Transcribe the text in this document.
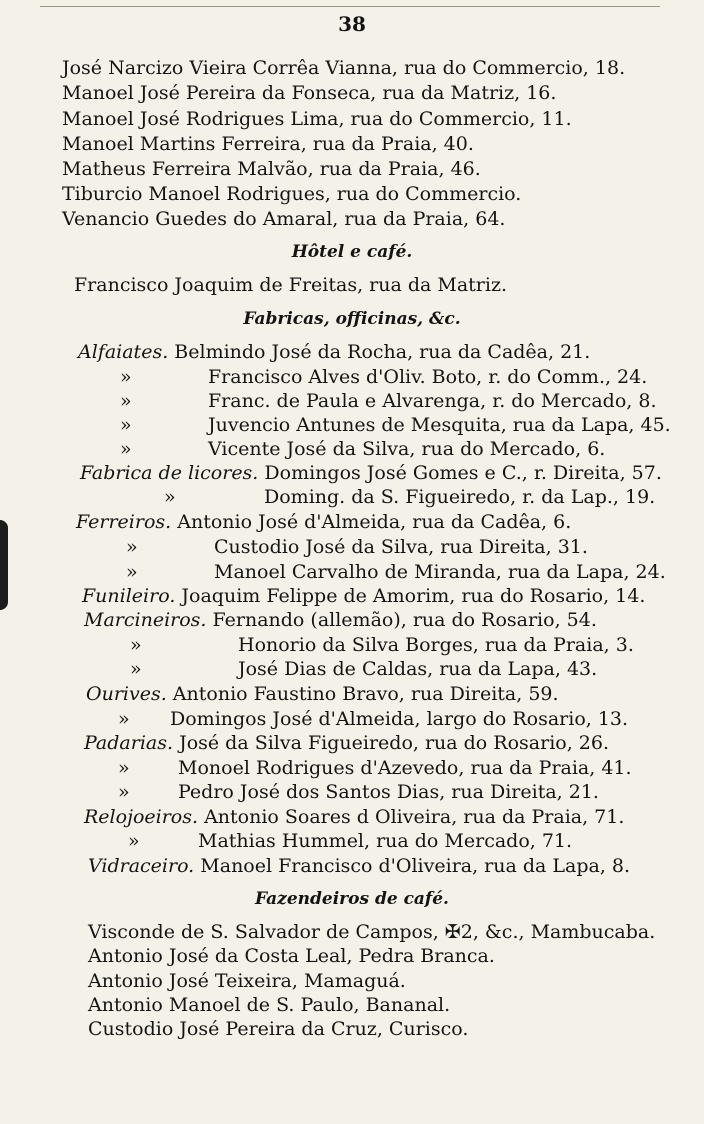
38
José Narcizo Vieira Corrêa Vianna, rua do Commercio, 18.
Manoel José Pereira da Fonseca, rua da Matriz, 16.
Manoel José Rodrigues Lima, rua do Commercio, 11.
Manoel Martins Ferreira, rua da Praia, 40.
Matheus Ferreira Malvão, rua da Praia, 46.
Tiburcio Manoel Rodrigues, rua do Commercio.
Venancio Guedes do Amaral, rua da Praia, 64.
Hôtel e café.
Francisco Joaquim de Freitas, rua da Matriz.
Fabricas, officinas, &c.
Alfaiates. Belmindo José da Rocha, rua da Cadêa, 21.
»	Francisco Alves d'Oliv. Boto, r. do Comm., 24.
»	Franc. de Paula e Alvarenga, r. do Mercado, 8.
»	Juvencio Antunes de Mesquita, rua da Lapa, 45.
»	Vicente José da Silva, rua do Mercado, 6.
Fabrica de licores. Domingos José Gomes e C., r. Direita, 57.
»	Doming. da S. Figueiredo, r. da Lap., 19.
Ferreiros. Antonio José d'Almeida, rua da Cadêa, 6.
»	Custodio José da Silva, rua Direita, 31.
»	Manoel Carvalho de Miranda, rua da Lapa, 24.
Funileiro. Joaquim Felippe de Amorim, rua do Rosario, 14.
Marcineiros. Fernando (allemão), rua do Rosario, 54.
»	Honorio da Silva Borges, rua da Praia, 3.
»	José Dias de Caldas, rua da Lapa, 43.
Ourives. Antonio Faustino Bravo, rua Direita, 59.
» Domingos José d'Almeida, largo do Rosario, 13.
Padarias. José da Silva Figueiredo, rua do Rosario, 26.
»	Monoel Rodrigues d'Azevedo, rua da Praia, 41.
»	Pedro José dos Santos Dias, rua Direita, 21.
Relojoeiros. Antonio Soares d Oliveira, rua da Praia, 71.
»	Mathias Hummel, rua do Mercado, 71.
Vidraceiro. Manoel Francisco d'Oliveira, rua da Lapa, 8.
Fazendeiros de café.
Visconde de S. Salvador de Campos, ✠2, &c., Mambucaba.
Antonio José da Costa Leal, Pedra Branca.
Antonio José Teixeira, Mamaguá.
Antonio Manoel de S. Paulo, Bananal.
Custodio José Pereira da Cruz, Curisco.
